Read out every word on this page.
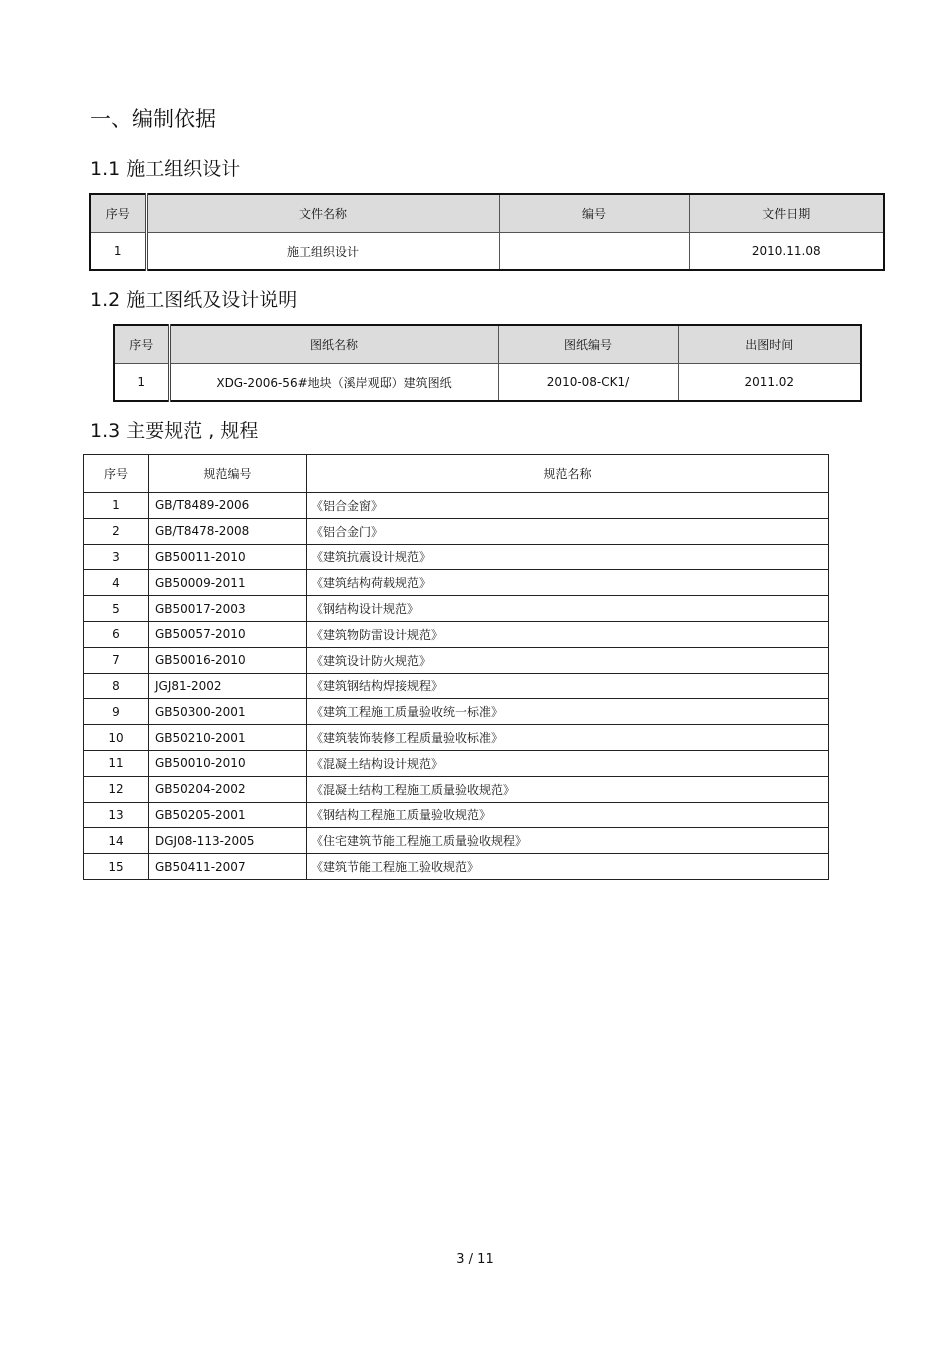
一、编制依据
1.1 施工组织设计
序号	文件名称	编号	文件日期
1	施工组织设计		2010.11.08
1.2 施工图纸及设计说明
序号	图纸名称	图纸编号	出图时间
1	XDG-2006-56#地块（溪岸观邸）建筑图纸	2010-08-CK1/	2011.02
1.3 主要规范 , 规程
序号	规范编号	规范名称
1	GB/T8489-2006	《铝合金窗》
2	GB/T8478-2008	《铝合金门》
3	GB50011-2010	《建筑抗震设计规范》
4	GB50009-2011	《建筑结构荷载规范》
5	GB50017-2003	《钢结构设计规范》
6	GB50057-2010	《建筑物防雷设计规范》
7	GB50016-2010	《建筑设计防火规范》
8	JGJ81-2002	《建筑钢结构焊接规程》
9	GB50300-2001	《建筑工程施工质量验收统一标准》
10	GB50210-2001	《建筑装饰装修工程质量验收标准》
11	GB50010-2010	《混凝土结构设计规范》
12	GB50204-2002	《混凝土结构工程施工质量验收规范》
13	GB50205-2001	《钢结构工程施工质量验收规范》
14	DGJ08-113-2005	《住宅建筑节能工程施工质量验收规程》
15	GB50411-2007	《建筑节能工程施工验收规范》
3 / 11
